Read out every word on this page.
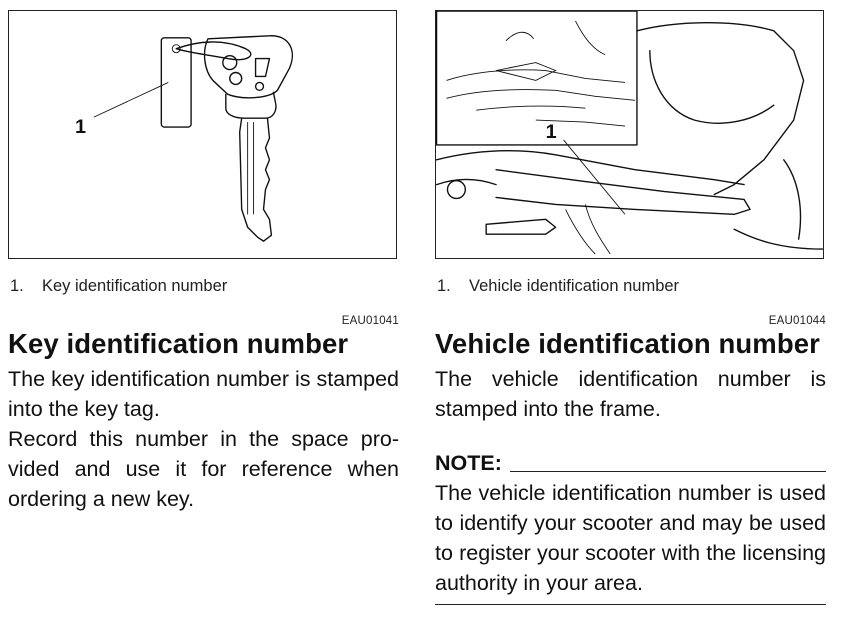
1
1. Key identification number
EAU01041
Key identification number

The key identification number is stamped into the key tag.

Record this number in the space pro-vided and use it for reference when ordering a new key.

1
1. Vehicle identification number
EAU01044
Vehicle identification number

The vehicle identification number is stamped into the frame.

NOTE:
The vehicle identification number is used to identify your scooter and may be used to register your scooter with the licensing authority in your area.
